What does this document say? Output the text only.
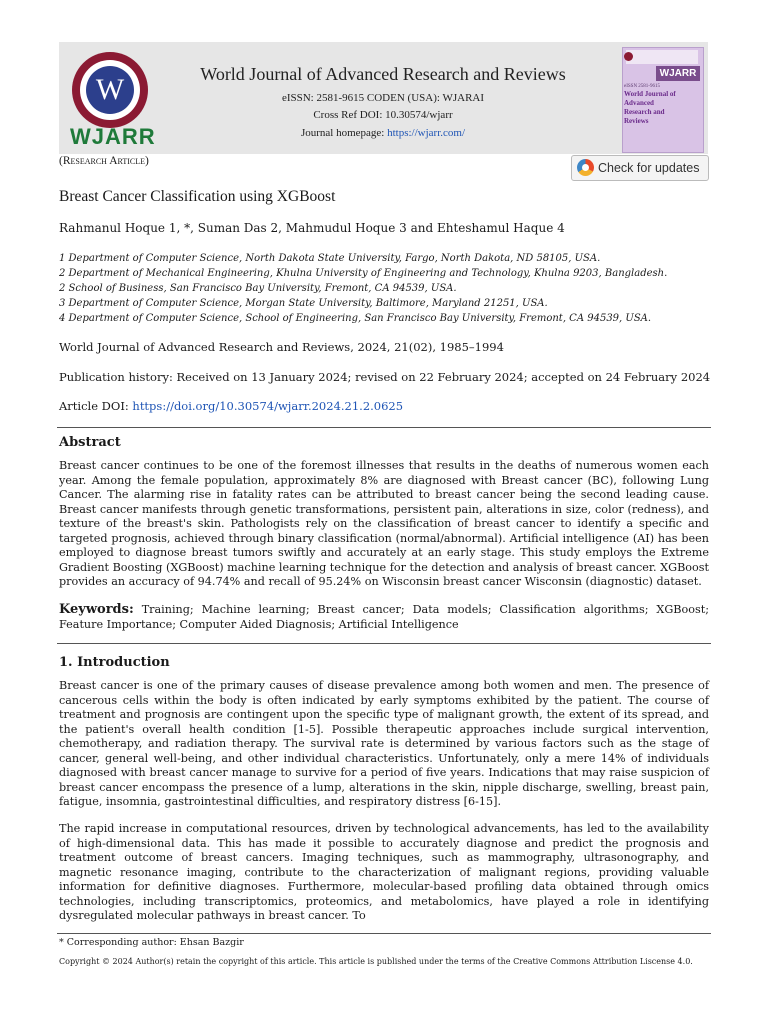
W
WJARR
World Journal of Advanced Research and Reviews
eISSN: 2581-9615 CODEN (USA): WJARAI
Cross Ref DOI: 10.30574/wjarr
Journal homepage: https://wjarr.com/
WJARR
eISSN 2581-9615
World Journal of Advanced Research and Reviews
(Research Article)	Check for updates
Breast Cancer Classification using XGBoost
Rahmanul Hoque 1, *, Suman Das 2, Mahmudul Hoque 3 and Ehteshamul Haque 4
1 Department of Computer Science, North Dakota State University, Fargo, North Dakota, ND 58105, USA.
2 Department of Mechanical Engineering, Khulna University of Engineering and Technology, Khulna 9203, Bangladesh.
2 School of Business, San Francisco Bay University, Fremont, CA 94539, USA.
3 Department of Computer Science, Morgan State University, Baltimore, Maryland 21251, USA.
4 Department of Computer Science, School of Engineering, San Francisco Bay University, Fremont, CA 94539, USA.
World Journal of Advanced Research and Reviews, 2024, 21(02), 1985–1994
Publication history: Received on 13 January 2024; revised on 22 February 2024; accepted on 24 February 2024
Article DOI: https://doi.org/10.30574/wjarr.2024.21.2.0625
Abstract
Breast cancer continues to be one of the foremost illnesses that results in the deaths of numerous women each year. Among the female population, approximately 8% are diagnosed with Breast cancer (BC), following Lung Cancer. The alarming rise in fatality rates can be attributed to breast cancer being the second leading cause. Breast cancer manifests through genetic transformations, persistent pain, alterations in size, color (redness), and texture of the breast's skin. Pathologists rely on the classification of breast cancer to identify a specific and targeted prognosis, achieved through binary classification (normal/abnormal). Artificial intelligence (AI) has been employed to diagnose breast tumors swiftly and accurately at an early stage. This study employs the Extreme Gradient Boosting (XGBoost) machine learning technique for the detection and analysis of breast cancer. XGBoost provides an accuracy of 94.74% and recall of 95.24% on Wisconsin breast cancer Wisconsin (diagnostic) dataset.
Keywords: Training; Machine learning; Breast cancer; Data models; Classification algorithms; XGBoost; Feature Importance; Computer Aided Diagnosis; Artificial Intelligence
1. Introduction
Breast cancer is one of the primary causes of disease prevalence among both women and men. The presence of cancerous cells within the body is often indicated by early symptoms exhibited by the patient. The course of treatment and prognosis are contingent upon the specific type of malignant growth, the extent of its spread, and the patient's overall health condition [1-5]. Possible therapeutic approaches include surgical intervention, chemotherapy, and radiation therapy. The survival rate is determined by various factors such as the stage of cancer, general well-being, and other individual characteristics. Unfortunately, only a mere 14% of individuals diagnosed with breast cancer manage to survive for a period of five years. Indications that may raise suspicion of breast cancer encompass the presence of a lump, alterations in the skin, nipple discharge, swelling, breast pain, fatigue, insomnia, gastrointestinal difficulties, and respiratory distress [6-15].
The rapid increase in computational resources, driven by technological advancements, has led to the availability of high-dimensional data. This has made it possible to accurately diagnose and predict the prognosis and treatment outcome of breast cancers. Imaging techniques, such as mammography, ultrasonography, and magnetic resonance imaging, contribute to the characterization of malignant regions, providing valuable information for definitive diagnoses. Furthermore, molecular-based profiling data obtained through omics technologies, including transcriptomics, proteomics, and metabolomics, have played a role in identifying dysregulated molecular pathways in breast cancer. To
* Corresponding author: Ehsan Bazgir
Copyright © 2024 Author(s) retain the copyright of this article. This article is published under the terms of the Creative Commons Attribution Liscense 4.0.
